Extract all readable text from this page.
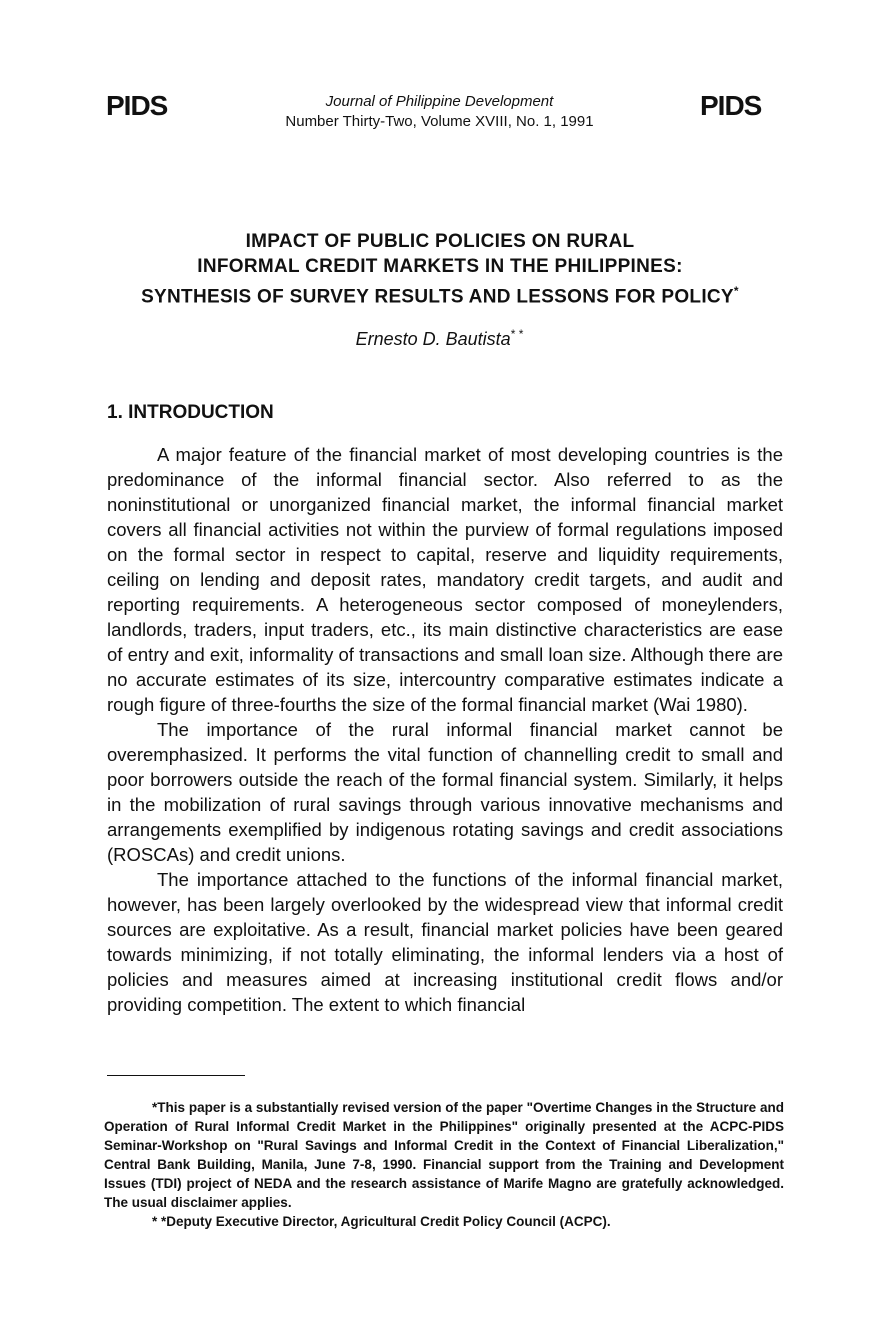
PIDS	PIDS
Journal of Philippine Development
Number Thirty-Two, Volume XVIII, No. 1, 1991
IMPACT OF PUBLIC POLICIES ON RURAL
INFORMAL CREDIT MARKETS IN THE PHILIPPINES:
SYNTHESIS OF SURVEY RESULTS AND LESSONS FOR POLICY*
Ernesto D. Bautista* *
1. INTRODUCTION

A major feature of the financial market of most developing countries is the predominance of the informal financial sector. Also referred to as the noninstitutional or unorganized financial market, the informal financial market covers all financial activities not within the purview of formal regulations imposed on the formal sector in respect to capital, reserve and liquidity requirements, ceiling on lending and deposit rates, mandatory credit targets, and audit and reporting requirements. A heterogeneous sector composed of moneylenders, landlords, traders, input traders, etc., its main distinctive characteristics are ease of entry and exit, informality of transactions and small loan size. Although there are no accurate estimates of its size, intercountry comparative estimates indicate a rough figure of three-fourths the size of the formal financial market (Wai 1980).

The importance of the rural informal financial market cannot be overemphasized. It performs the vital function of channelling credit to small and poor borrowers outside the reach of the formal financial system. Similarly, it helps in the mobilization of rural savings through various innovative mechanisms and arrangements exemplified by indigenous rotating savings and credit associations (ROSCAs) and credit unions.

The importance attached to the functions of the informal financial market, however, has been largely overlooked by the widespread view that informal credit sources are exploitative. As a result, financial market policies have been geared towards minimizing, if not totally eliminating, the informal lenders via a host of policies and measures aimed at increasing institutional credit flows and/or providing competition. The extent to which financial

*This paper is a substantially revised version of the paper "Overtime Changes in the Structure and Operation of Rural Informal Credit Market in the Philippines" originally presented at the ACPC-PIDS Seminar-Workshop on "Rural Savings and Informal Credit in the Context of Financial Liberalization," Central Bank Building, Manila, June 7-8, 1990. Financial support from the Training and Development Issues (TDI) project of NEDA and the research assistance of Marife Magno are gratefully acknowledged. The usual disclaimer applies.

* *Deputy Executive Director, Agricultural Credit Policy Council (ACPC).
